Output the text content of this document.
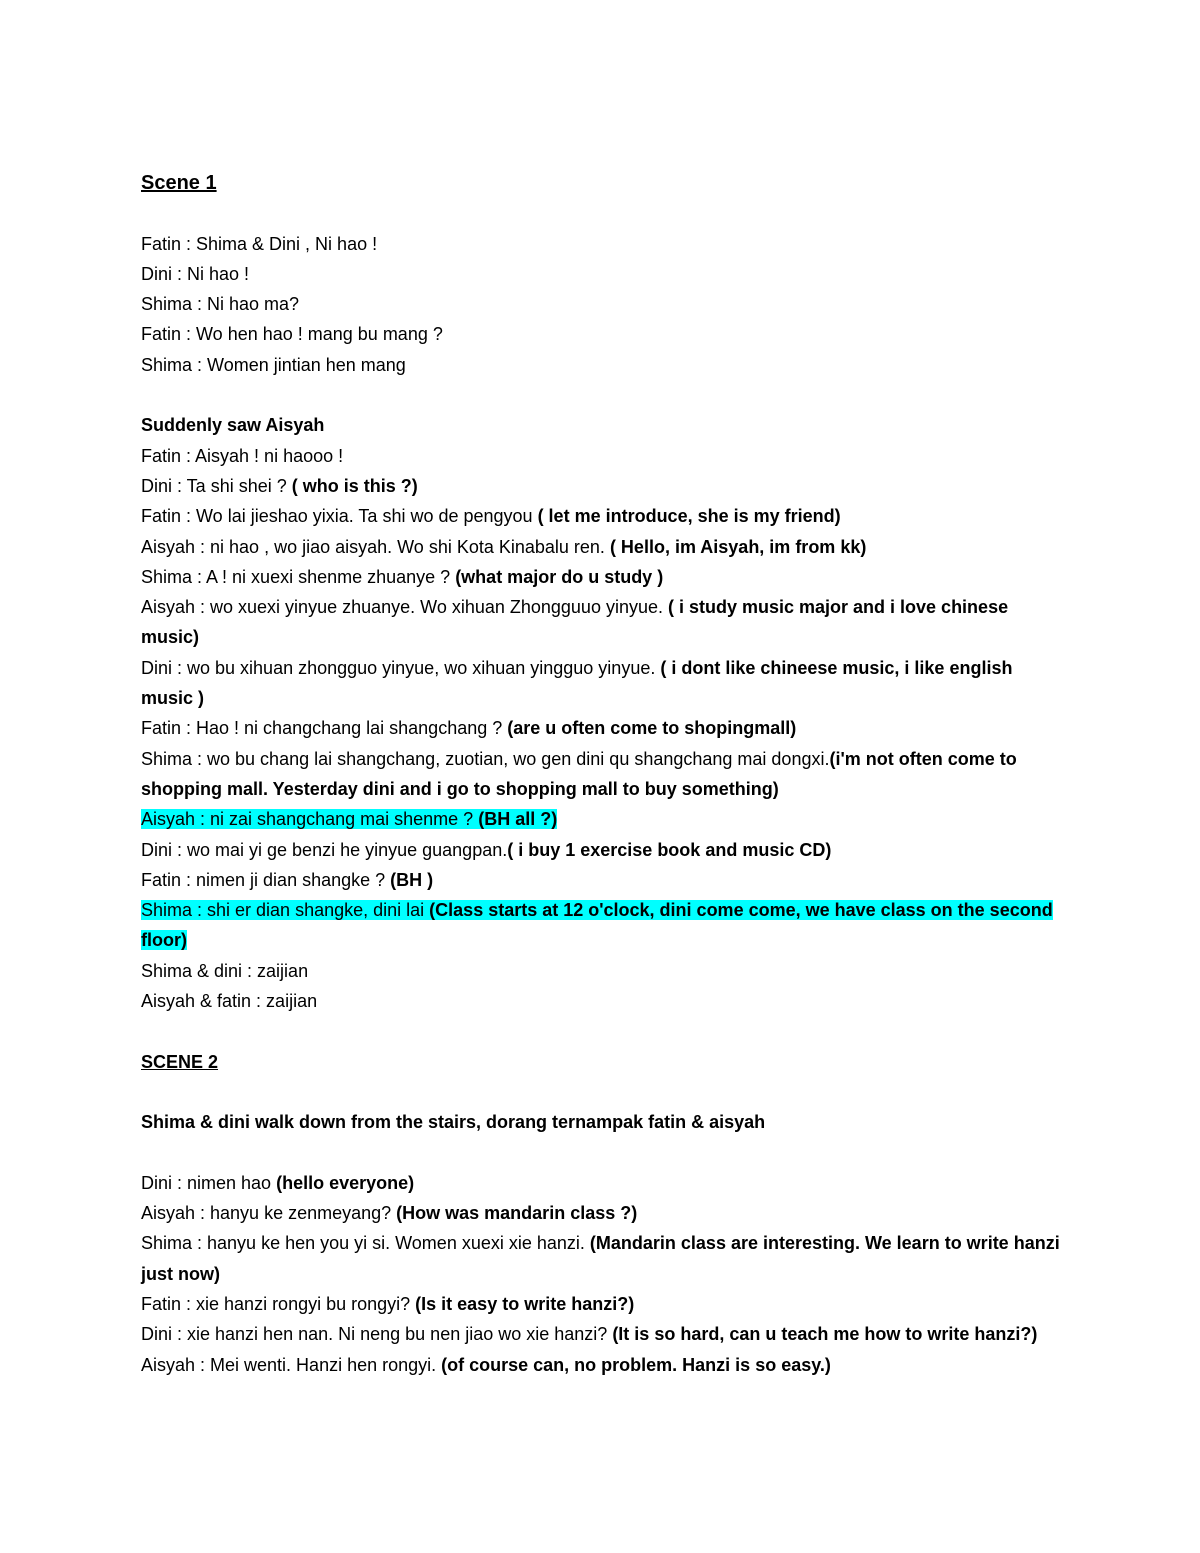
Scene 1
Fatin : Shima & Dini , Ni hao !
Dini : Ni hao !
Shima : Ni hao ma?
Fatin : Wo hen hao ! mang bu mang ?
Shima : Women jintian hen mang
Suddenly saw Aisyah
Fatin : Aisyah ! ni haooo !
Dini : Ta shi shei ? ( who is this ?)
Fatin : Wo lai jieshao yixia. Ta shi wo de pengyou ( let me introduce, she is my friend)
Aisyah : ni hao , wo jiao aisyah. Wo shi Kota Kinabalu ren. ( Hello, im Aisyah, im from kk)
Shima : A ! ni xuexi shenme zhuanye ? (what major do u study )
Aisyah : wo xuexi yinyue zhuanye. Wo xihuan Zhongguuo yinyue. ( i study music major and i love chinese music)
Dini : wo bu xihuan zhongguo yinyue, wo xihuan yingguo yinyue. ( i dont like chineese music, i like english music )
Fatin : Hao ! ni changchang lai shangchang ? (are u often come to shopingmall)
Shima : wo bu chang lai shangchang, zuotian, wo gen dini qu shangchang mai dongxi.(i'm not often come to shopping mall. Yesterday dini and i go to shopping mall to buy something)
Aisyah : ni zai shangchang mai shenme ? (BH all ?)
Dini : wo mai yi ge benzi he yinyue guangpan.( i buy 1 exercise book and music CD)
Fatin : nimen ji dian shangke ? (BH )
Shima : shi er dian shangke, dini lai (Class starts at 12 o'clock, dini come come, we have class on the second floor)
Shima & dini : zaijian
Aisyah & fatin : zaijian
SCENE 2
Shima & dini walk down from the stairs, dorang ternampak fatin & aisyah
Dini : nimen hao (hello everyone)
Aisyah : hanyu ke zenmeyang? (How was mandarin class ?)
Shima : hanyu ke hen you yi si. Women xuexi xie hanzi. (Mandarin class are interesting. We learn to write hanzi just now)
Fatin : xie hanzi rongyi bu rongyi? (Is it easy to write hanzi?)
Dini : xie hanzi hen nan. Ni neng bu nen jiao wo xie hanzi? (It is so hard, can u teach me how to write hanzi?)
Aisyah : Mei wenti. Hanzi hen rongyi. (of course can, no problem. Hanzi is so easy.)
